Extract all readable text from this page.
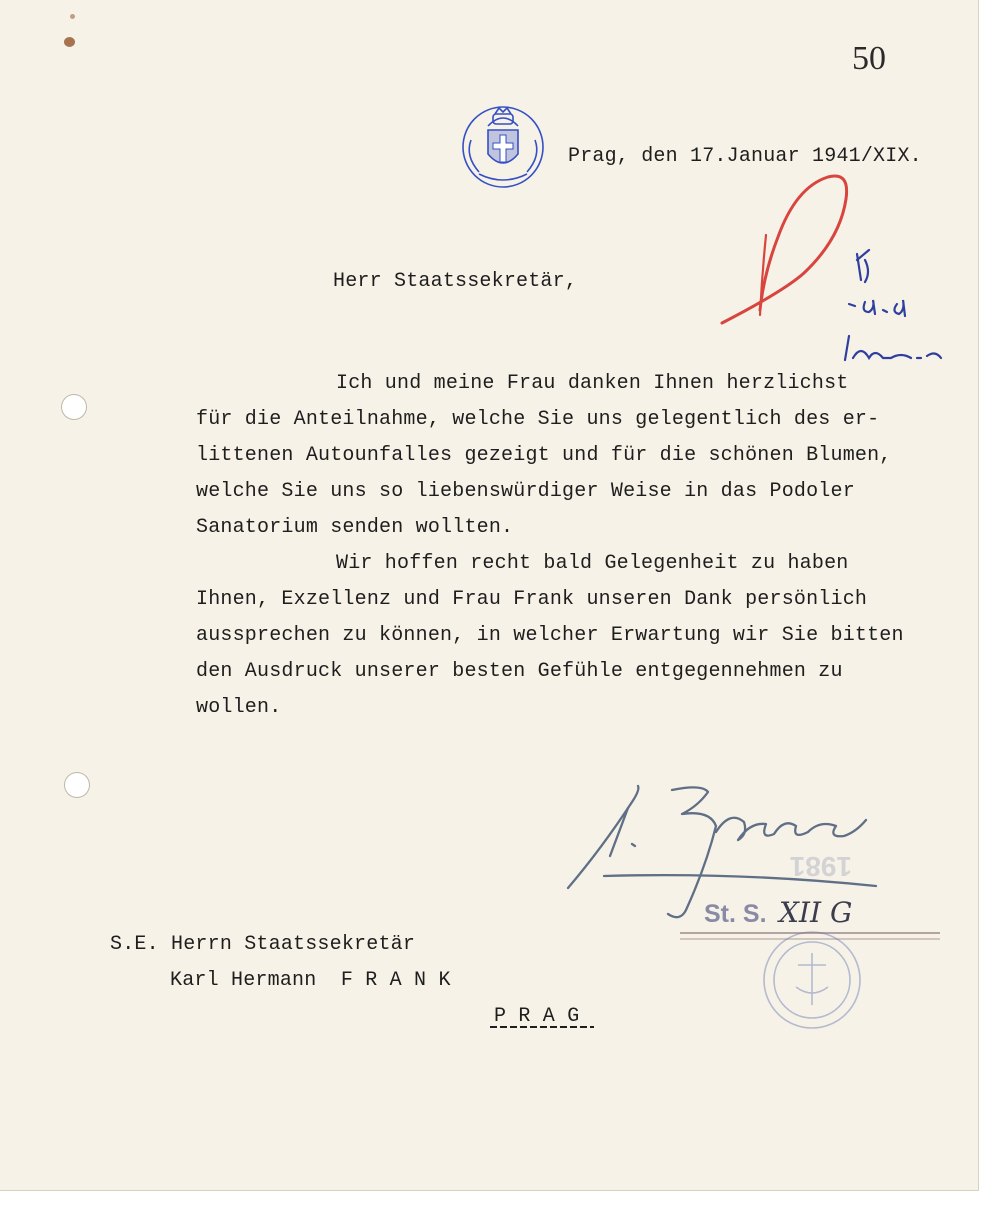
50
Prag, den 17.Januar 1941/XIX.
Herr Staatssekretär,
Ich und meine Frau danken Ihnen herzlichst
für die Anteilnahme, welche Sie uns gelegentlich des er-
littenen Autounfalles gezeigt und für die schönen Blumen,
welche Sie uns so liebenswürdiger Weise in das Podoler
Sanatorium senden wollten.
Wir hoffen recht bald Gelegenheit zu haben
Ihnen, Exzellenz und Frau Frank unseren Dank persönlich
aussprechen zu können, in welcher Erwartung wir Sie bitten
den Ausdruck unserer besten Gefühle entgegennehmen zu
wollen.
1981
St. S. XII G
S.E. Herrn Staatssekretär
Karl Hermann  F R A N K
P R A G
